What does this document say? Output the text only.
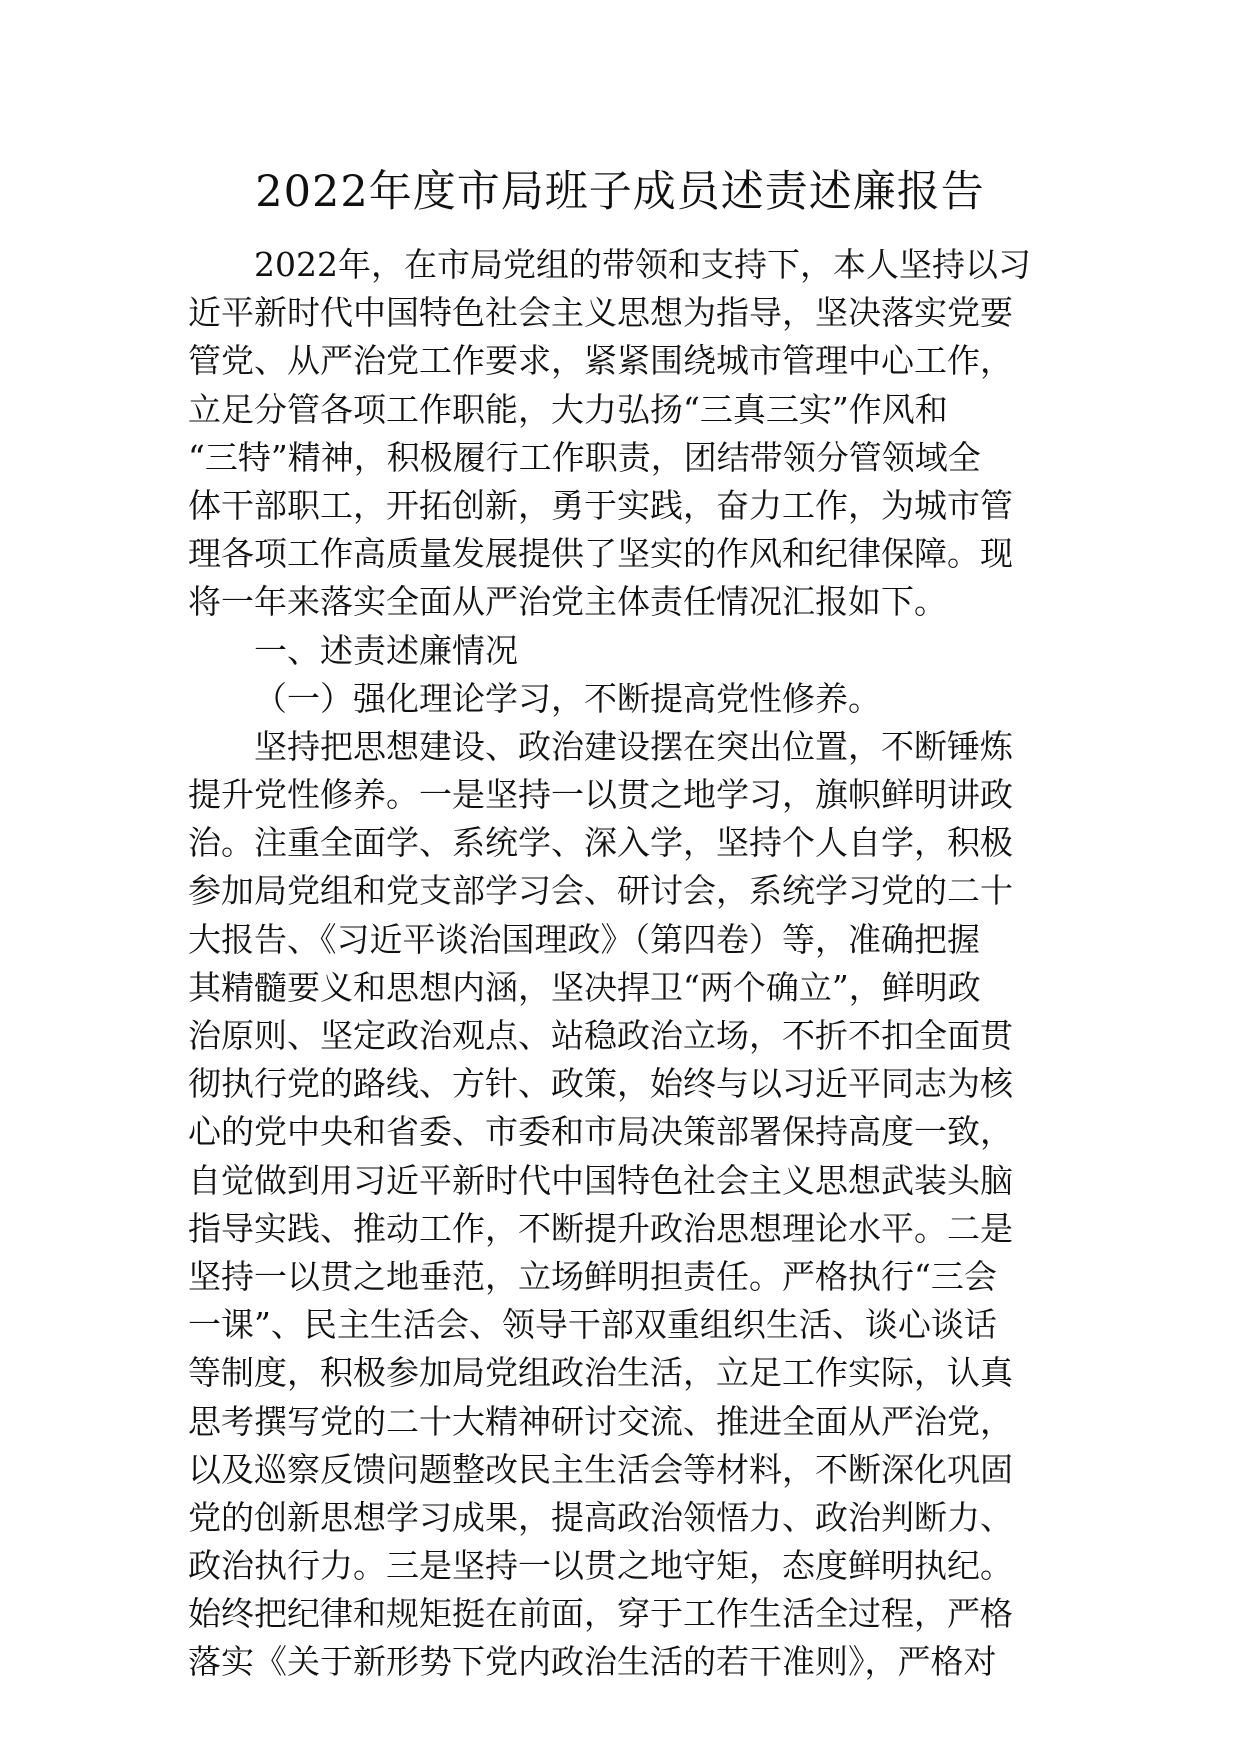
2022年度市局班子成员述责述廉报告
2022年，在市局党组的带领和支持下，本人坚持以习
近平新时代中国特色社会主义思想为指导，坚决落实党要
管党、从严治党工作要求，紧紧围绕城市管理中心工作，
立足分管各项工作职能，大力弘扬“三真三实”作风和
“三特”精神，积极履行工作职责，团结带领分管领域全
体干部职工，开拓创新，勇于实践，奋力工作，为城市管
理各项工作高质量发展提供了坚实的作风和纪律保障。现
将一年来落实全面从严治党主体责任情况汇报如下。
一、述责述廉情况
（一）强化理论学习，不断提高党性修养。
坚持把思想建设、政治建设摆在突出位置，不断锤炼
提升党性修养。一是坚持一以贯之地学习，旗帜鲜明讲政
治。注重全面学、系统学、深入学，坚持个人自学，积极
参加局党组和党支部学习会、研讨会，系统学习党的二十
大报告、《习近平谈治国理政》（第四卷）等，准确把握
其精髓要义和思想内涵，坚决捍卫“两个确立”，鲜明政
治原则、坚定政治观点、站稳政治立场，不折不扣全面贯
彻执行党的路线、方针、政策，始终与以习近平同志为核
心的党中央和省委、市委和市局决策部署保持高度一致，
自觉做到用习近平新时代中国特色社会主义思想武装头脑
指导实践、推动工作，不断提升政治思想理论水平。二是
坚持一以贯之地垂范，立场鲜明担责任。严格执行“三会
一课”、民主生活会、领导干部双重组织生活、谈心谈话
等制度，积极参加局党组政治生活，立足工作实际，认真
思考撰写党的二十大精神研讨交流、推进全面从严治党，
以及巡察反馈问题整改民主生活会等材料，不断深化巩固
党的创新思想学习成果，提高政治领悟力、政治判断力、
政治执行力。三是坚持一以贯之地守矩，态度鲜明执纪。
始终把纪律和规矩挺在前面，穿于工作生活全过程，严格
落实《关于新形势下党内政治生活的若干准则》，严格对
